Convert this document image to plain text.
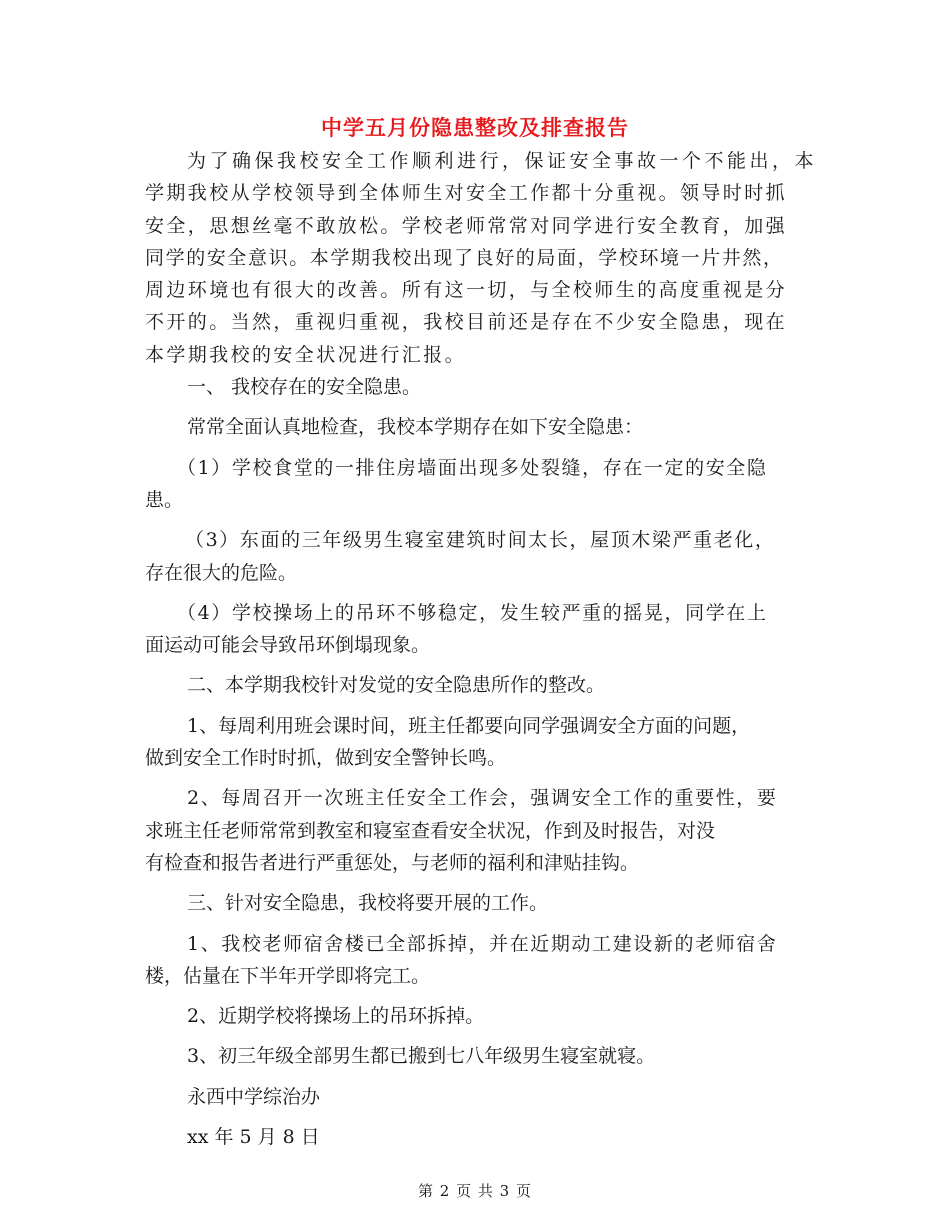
中学五月份隐患整改及排查报告
为了确保我校安全工作顺利进行，保证安全事故一个不能出，本
学期我校从学校领导到全体师生对安全工作都十分重视。领导时时抓
安全，思想丝毫不敢放松。学校老师常常对同学进行安全教育，加强
同学的安全意识。本学期我校出现了良好的局面，学校环境一片井然，
周边环境也有很大的改善。所有这一切，与全校师生的高度重视是分
不开的。当然，重视归重视，我校目前还是存在不少安全隐患，现在
本学期我校的安全状况进行汇报。
一、 我校存在的安全隐患。
常常全面认真地检查，我校本学期存在如下安全隐患：
（1）学校食堂的一排住房墙面出现多处裂缝，存在一定的安全隐
患。
（3）东面的三年级男生寝室建筑时间太长，屋顶木梁严重老化，
存在很大的危险。
（4）学校操场上的吊环不够稳定，发生较严重的摇晃，同学在上
面运动可能会导致吊环倒塌现象。
二、本学期我校针对发觉的安全隐患所作的整改。
1、每周利用班会课时间，班主任都要向同学强调安全方面的问题，
做到安全工作时时抓，做到安全警钟长鸣。
2、每周召开一次班主任安全工作会，强调安全工作的重要性，要
求班主任老师常常到教室和寝室查看安全状况，作到及时报告，对没
有检查和报告者进行严重惩处，与老师的福利和津贴挂钩。
三、针对安全隐患，我校将要开展的工作。
1、我校老师宿舍楼已全部拆掉，并在近期动工建设新的老师宿舍
楼，估量在下半年开学即将完工。
2、近期学校将操场上的吊环拆掉。
3、初三年级全部男生都已搬到七八年级男生寝室就寝。
永西中学综治办
xx 年 5 月 8 日
第 2 页 共 3 页
